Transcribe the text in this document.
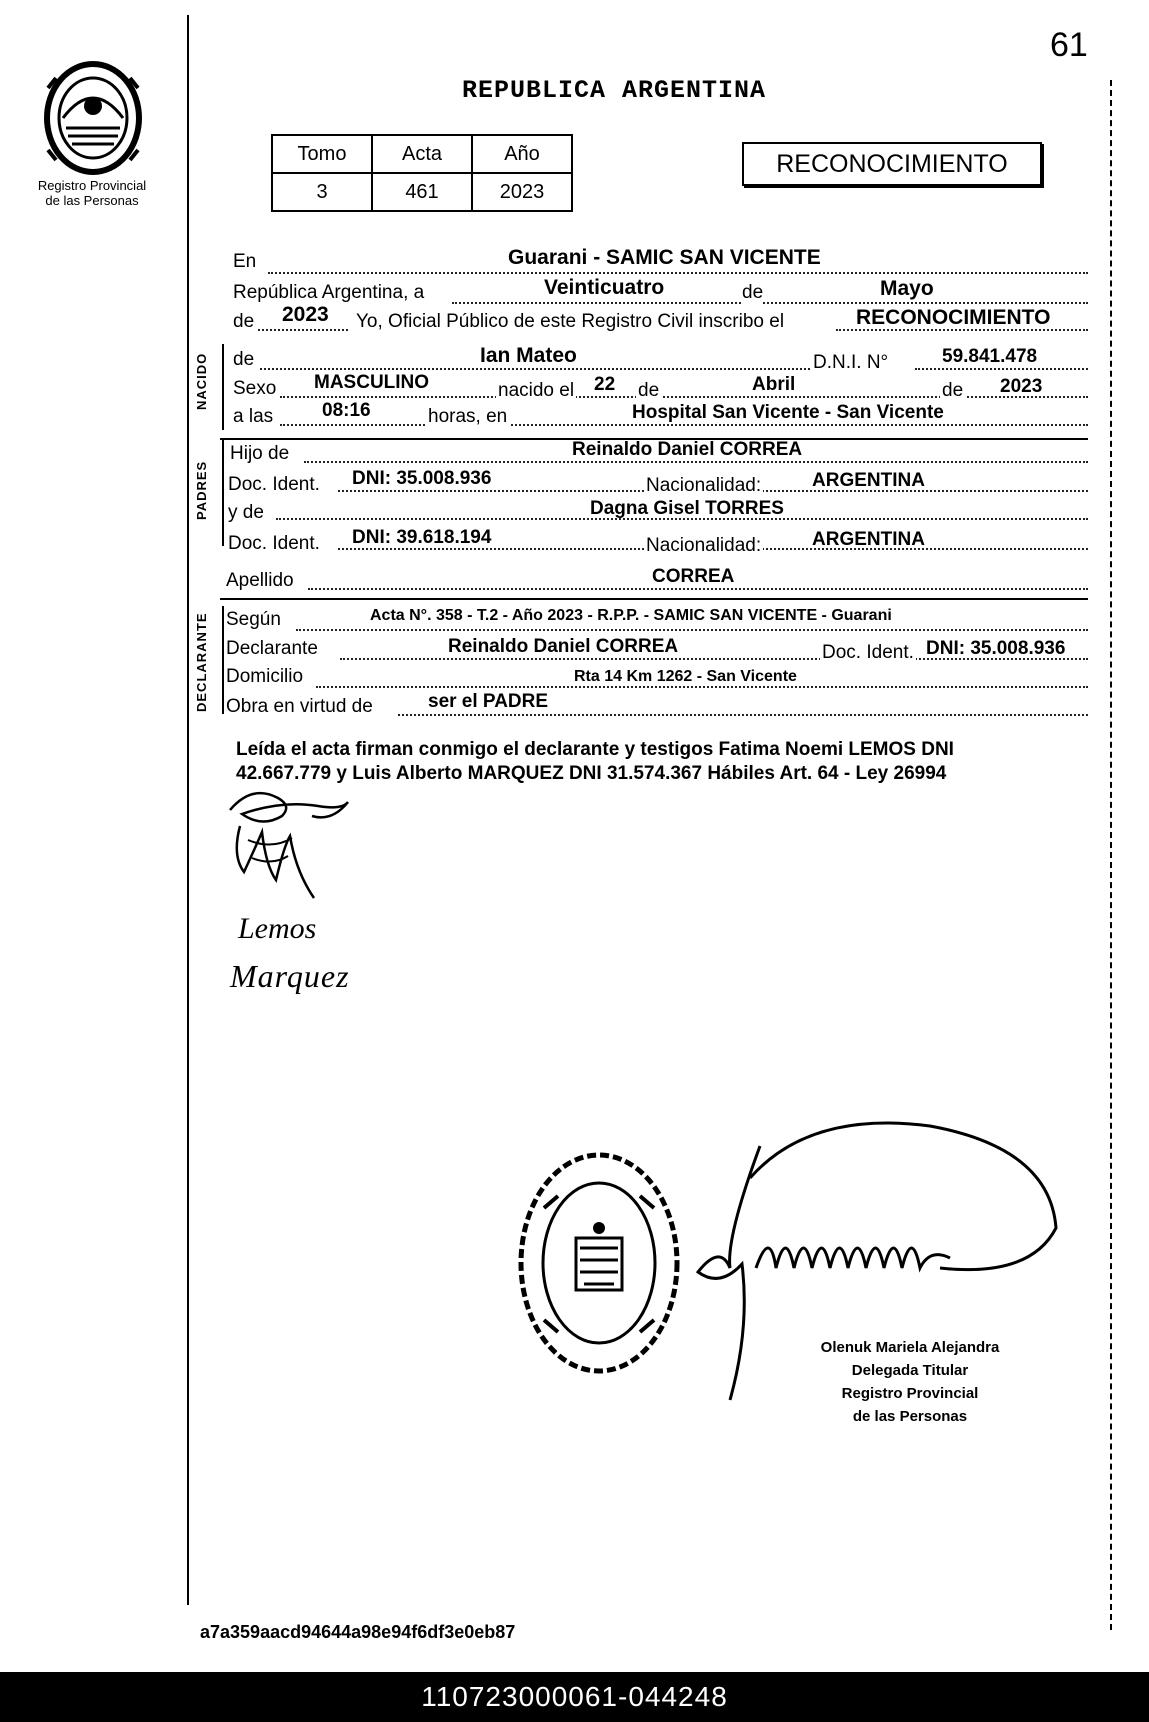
61
Registro Provincial
de las Personas
REPUBLICA ARGENTINA
Tomo	Acta	Año
3	461	2023
RECONOCIMIENTO
En	Guarani - SAMIC SAN VICENTE
República Argentina, a	Veinticuatro	de	Mayo
de 2023 Yo, Oficial Público de este Registro Civil inscribo el	RECONOCIMIENTO
de	Ian Mateo	D.N.I. N°	59.841.478
Sexo MASCULINO	nacido el 22 de	Abril	de 2023
a las	08:16	horas, en	Hospital San Vicente - San Vicente
Hijo de	Reinaldo Daniel CORREA
Doc. Ident. DNI: 35.008.936	Nacionalidad:	ARGENTINA
y de	Dagna Gisel TORRES
Doc. Ident. DNI: 39.618.194	Nacionalidad:	ARGENTINA
Apellido	CORREA
Según	Acta N°. 358 - T.2 - Año 2023 - R.P.P. - SAMIC SAN VICENTE - Guarani
Declarante	Reinaldo Daniel CORREA	Doc. Ident. DNI: 35.008.936
Domicilio	Rta 14 Km 1262 - San Vicente
Obra en virtud de	ser el PADRE
NACIDO
PADRES
DECLARANTE
Leída el acta firman conmigo el declarante y testigos Fatima Noemi LEMOS DNI
42.667.779 y Luis Alberto MARQUEZ DNI 31.574.367 Hábiles Art. 64 - Ley 26994
Lemos
Marquez
Olenuk Mariela Alejandra
Delegada Titular
Registro Provincial
de las Personas
a7a359aacd94644a98e94f6df3e0eb87
110723000061-044248
